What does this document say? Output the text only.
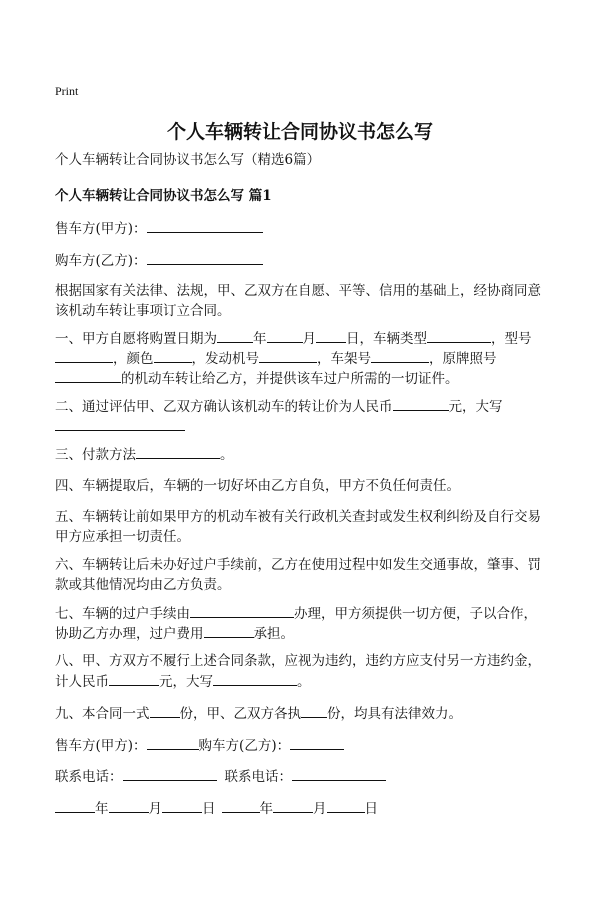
Print
个人车辆转让合同协议书怎么写
个人车辆转让合同协议书怎么写（精选6篇）
个人车辆转让合同协议书怎么写 篇1
售车方(甲方)：
购车方(乙方)：
根据国家有关法律、法规，甲、乙双方在自愿、平等、信用的基础上，经协商同意
该机动车转让事项订立合同。
一、甲方自愿将购置日期为	年	月 日，车辆类型	，型号
，颜色	，发动机号	，车架号	，原牌照号
的机动车转让给乙方，并提供该车过户所需的一切证件。
二、通过评估甲、乙双方确认该机动车的转让价为人民币	元，大写
三、付款方法	。
四、车辆提取后，车辆的一切好坏由乙方自负，甲方不负任何责任。
五、车辆转让前如果甲方的机动车被有关行政机关查封或发生权利纠纷及自行交易
甲方应承担一切责任。
六、车辆转让后未办好过户手续前，乙方在使用过程中如发生交通事故，肇事、罚
款或其他情况均由乙方负责。
七、车辆的过户手续由	办理，甲方须提供一切方便，子以合作，
协助乙方办理，过户费用	承担。
八、甲、方双方不履行上述合同条款，应视为违约，违约方应支付另一方违约金，
计人民币	元，大写	。
九、本合同一式 份，甲、乙双方各执 份，均具有法律效力。
售车方(甲方)：	购车方(乙方)：
联系电话：	联系电话：
年	月	日	年	月	日
